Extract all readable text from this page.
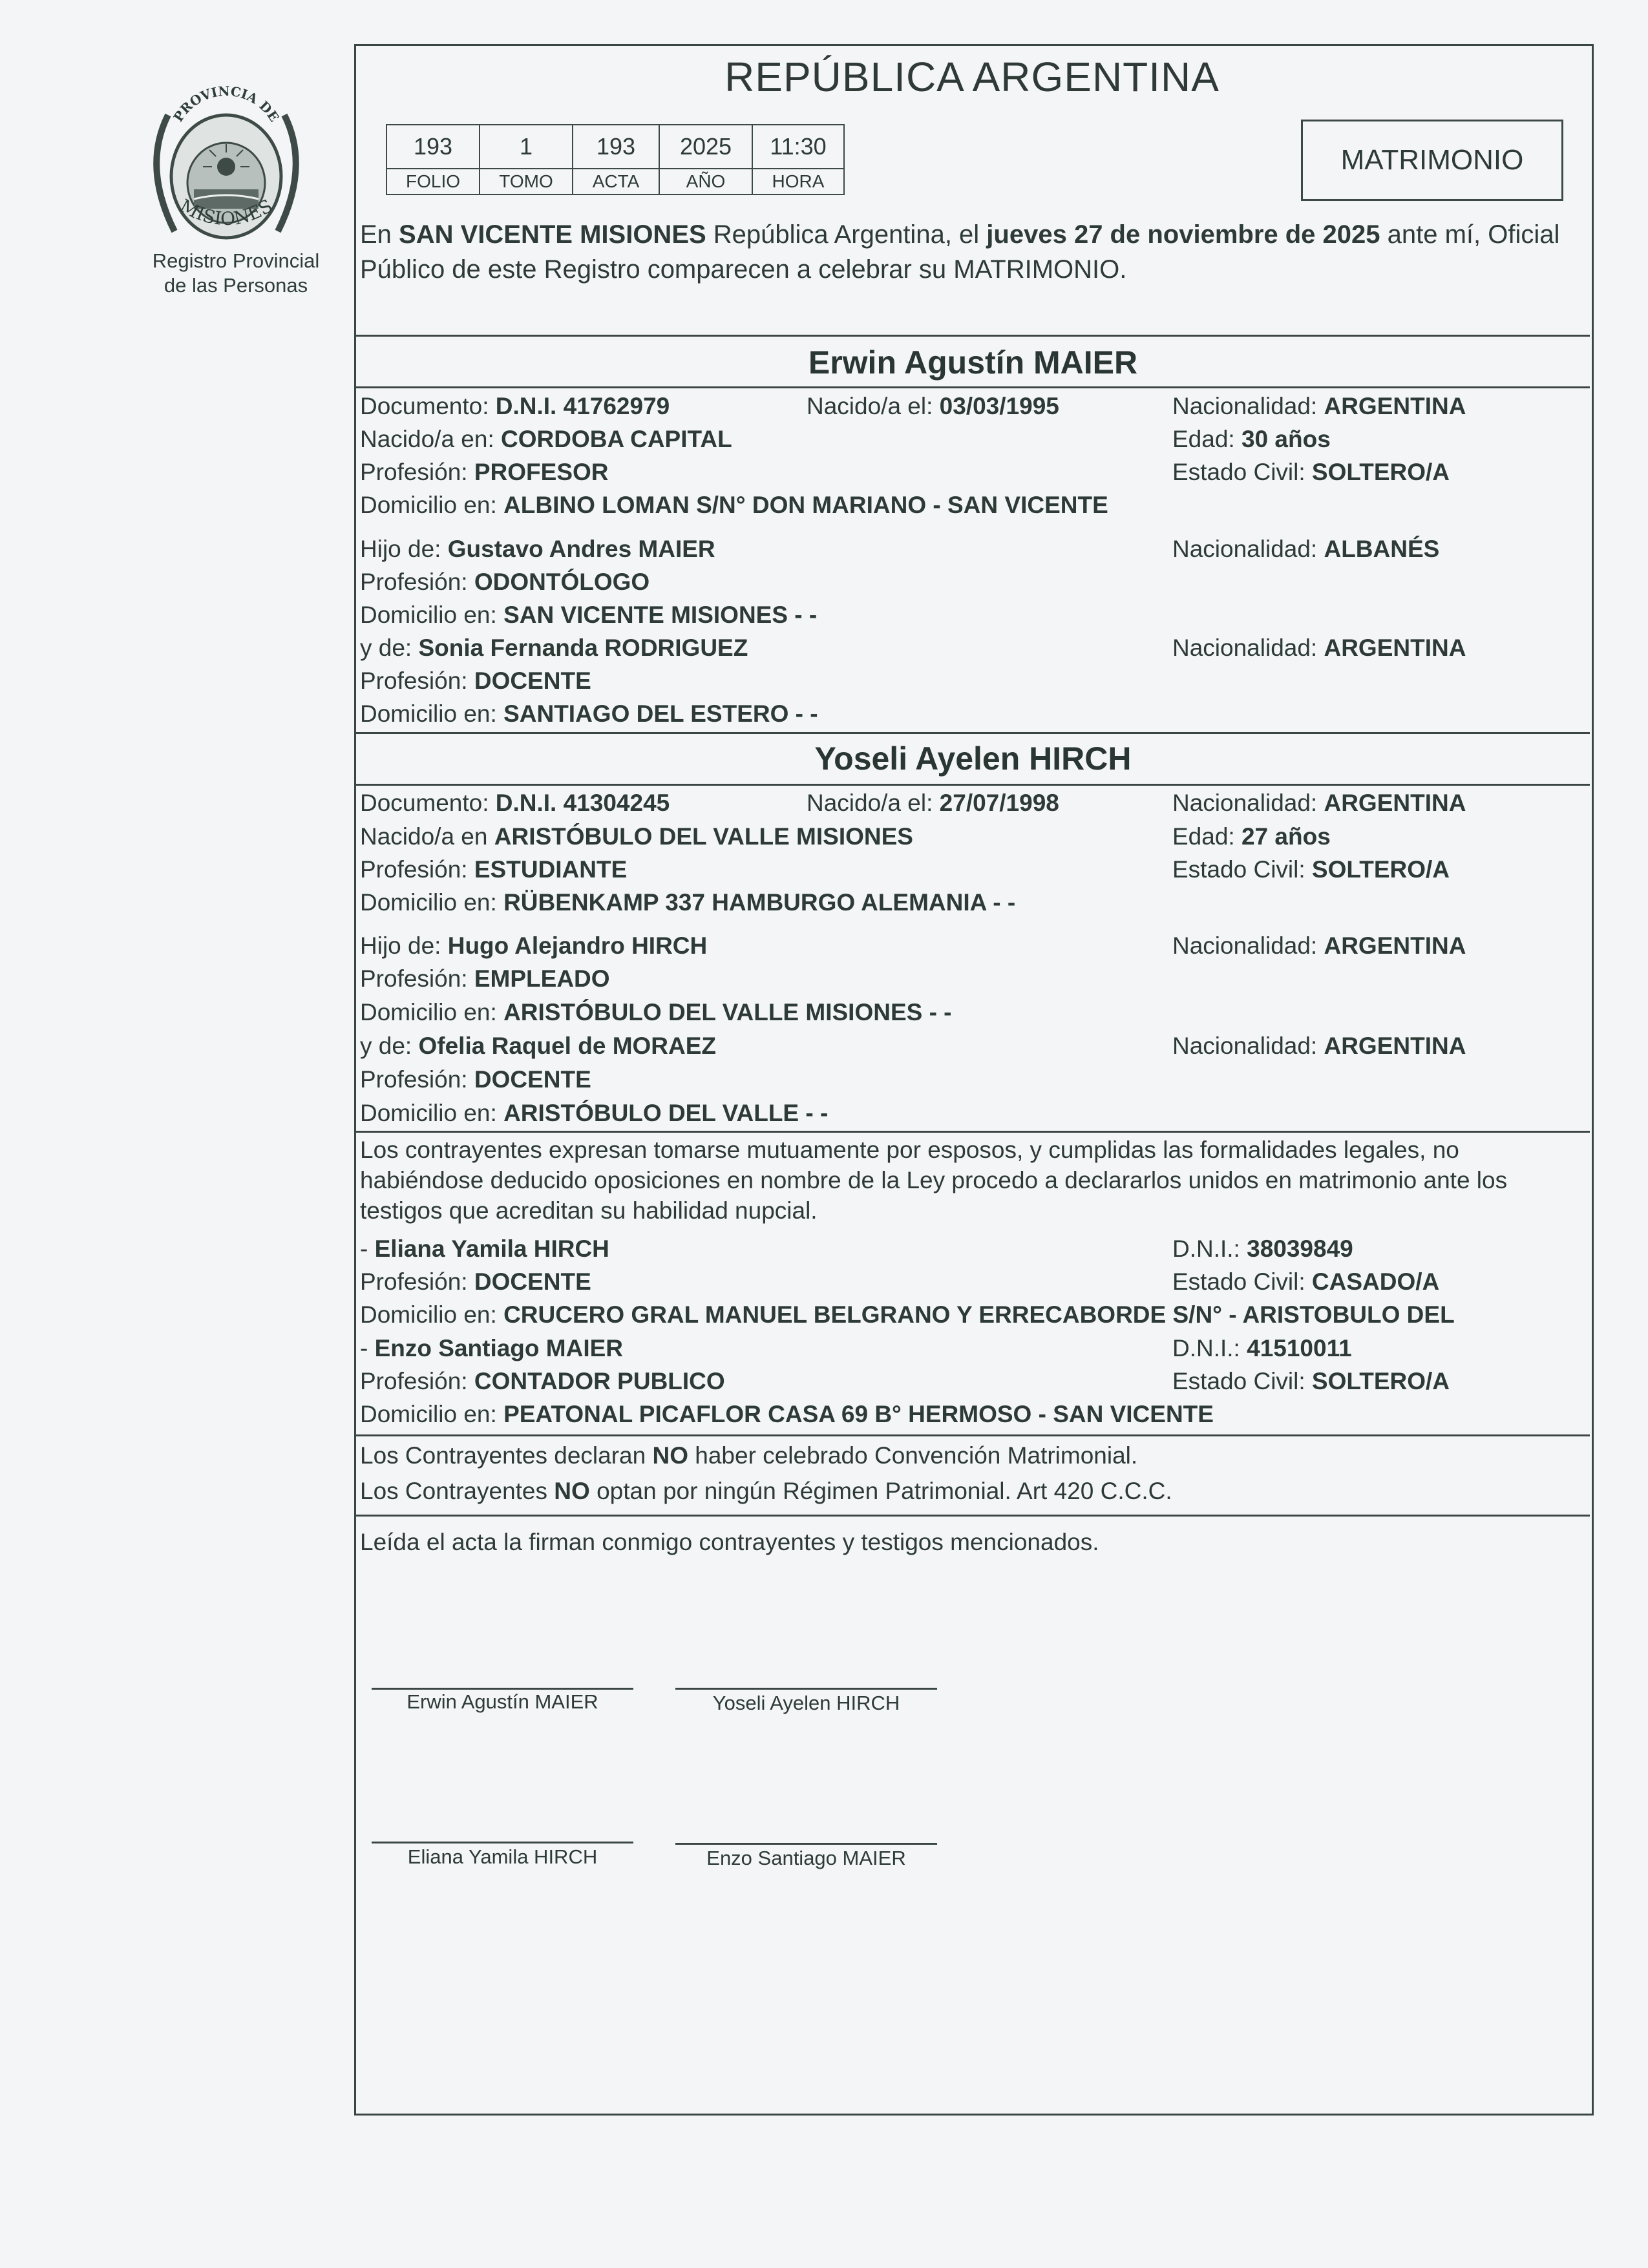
PROVINCIA DE
MISIONES
Registro Provincial
de las Personas
REPÚBLICA ARGENTINA
193	1	193	2025	11:30
FOLIO	TOMO	ACTA	AÑO	HORA
MATRIMONIO
En SAN VICENTE MISIONES República Argentina, el jueves 27 de noviembre de 2025 ante mí, Oficial Público de este Registro comparecen a celebrar su MATRIMONIO.
Erwin Agustín MAIER
Documento: D.N.I. 41762979	Nacido/a el: 03/03/1995	Nacionalidad: ARGENTINA
Nacido/a en: CORDOBA CAPITAL	Edad: 30 años
Profesión: PROFESOR	Estado Civil: SOLTERO/A
Domicilio en: ALBINO LOMAN S/N° DON MARIANO - SAN VICENTE
Hijo de: Gustavo Andres MAIER	Nacionalidad: ALBANÉS
Profesión: ODONTÓLOGO
Domicilio en: SAN VICENTE MISIONES - -
y de: Sonia Fernanda RODRIGUEZ	Nacionalidad: ARGENTINA
Profesión: DOCENTE
Domicilio en: SANTIAGO DEL ESTERO - -
Yoseli Ayelen HIRCH
Documento: D.N.I. 41304245	Nacido/a el: 27/07/1998	Nacionalidad: ARGENTINA
Nacido/a en ARISTÓBULO DEL VALLE MISIONES	Edad: 27 años
Profesión: ESTUDIANTE	Estado Civil: SOLTERO/A
Domicilio en: RÜBENKAMP 337 HAMBURGO ALEMANIA - -
Hijo de: Hugo Alejandro HIRCH	Nacionalidad: ARGENTINA
Profesión: EMPLEADO
Domicilio en: ARISTÓBULO DEL VALLE MISIONES - -
y de: Ofelia Raquel de MORAEZ	Nacionalidad: ARGENTINA
Profesión: DOCENTE
Domicilio en: ARISTÓBULO DEL VALLE - -
Los contrayentes expresan tomarse mutuamente por esposos, y cumplidas las formalidades legales, no habiéndose deducido oposiciones en nombre de la Ley procedo a declararlos unidos en matrimonio ante los testigos que acreditan su habilidad nupcial.
- Eliana Yamila HIRCH	D.N.I.: 38039849
Profesión: DOCENTE	Estado Civil: CASADO/A
Domicilio en: CRUCERO GRAL MANUEL BELGRANO Y ERRECABORDE S/N° - ARISTOBULO DEL
- Enzo Santiago MAIER	D.N.I.: 41510011
Profesión: CONTADOR PUBLICO	Estado Civil: SOLTERO/A
Domicilio en: PEATONAL PICAFLOR CASA 69 B° HERMOSO - SAN VICENTE
Los Contrayentes declaran NO haber celebrado Convención Matrimonial.
Los Contrayentes NO optan por ningún Régimen Patrimonial. Art 420 C.C.C.
Leída el acta la firman conmigo contrayentes y testigos mencionados.
Erwin Agustín MAIER	Yoseli Ayelen HIRCH
Eliana Yamila HIRCH	Enzo Santiago MAIER
